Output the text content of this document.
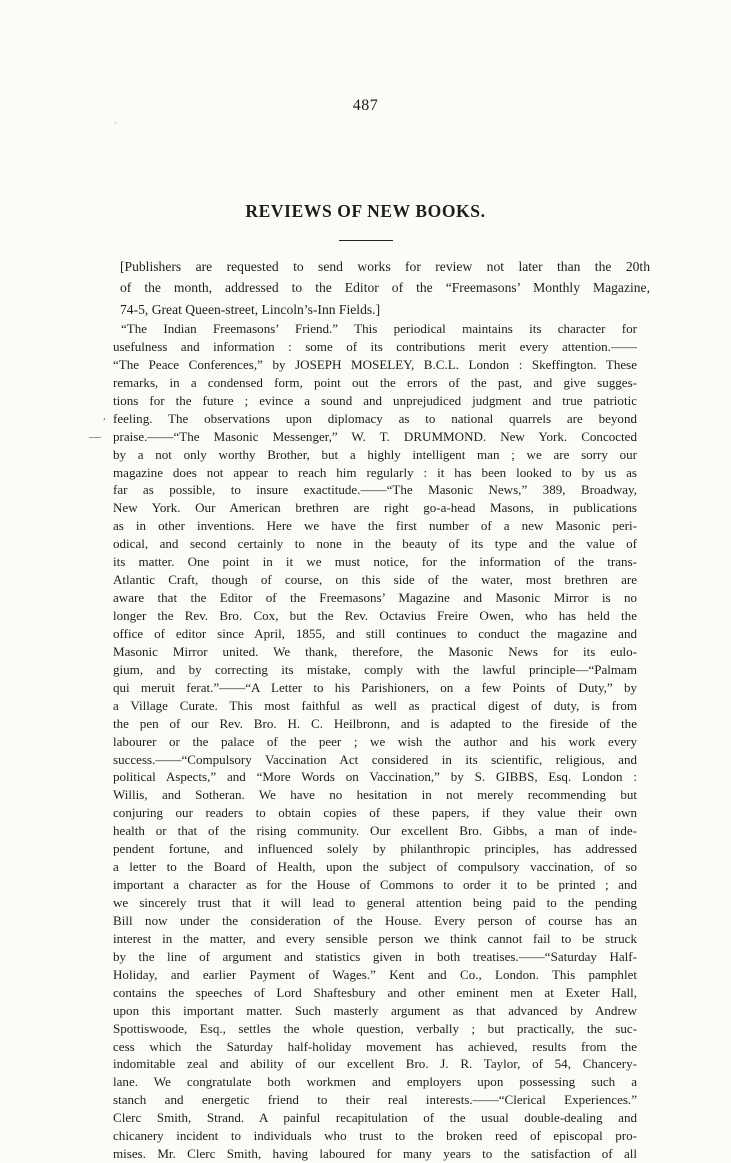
·
487
REVIEWS OF NEW BOOKS.
[Publishers are requested to send works for review not later than the 20th
of the month, addressed to the Editor of the “Freemasons’ Monthly Magazine,
74-5, Great Queen-street, Lincoln’s-Inn Fields.]
,
—
“The Indian Freemasons’ Friend.” This periodical maintains its character for
usefulness and information : some of its contributions merit every attention.——
“The Peace Conferences,” by JOSEPH MOSELEY, B.C.L. London : Skeffington. These
remarks, in a condensed form, point out the errors of the past, and give sugges-
tions for the future ; evince a sound and unprejudiced judgment and true patriotic
feeling. The observations upon diplomacy as to national quarrels are beyond
praise.——“The Masonic Messenger,” W. T. DRUMMOND. New York. Concocted
by a not only worthy Brother, but a highly intelligent man ; we are sorry our
magazine does not appear to reach him regularly : it has been looked to by us as
far as possible, to insure exactitude.——“The Masonic News,” 389, Broadway,
New York. Our American brethren are right go-a-head Masons, in publications
as in other inventions. Here we have the first number of a new Masonic peri-
odical, and second certainly to none in the beauty of its type and the value of
its matter. One point in it we must notice, for the information of the trans-
Atlantic Craft, though of course, on this side of the water, most brethren are
aware that the Editor of the Freemasons’ Magazine and Masonic Mirror is no
longer the Rev. Bro. Cox, but the Rev. Octavius Freire Owen, who has held the
office of editor since April, 1855, and still continues to conduct the magazine and
Masonic Mirror united. We thank, therefore, the Masonic News for its eulo-
gium, and by correcting its mistake, comply with the lawful principle—“Palmam
qui meruit ferat.”——“A Letter to his Parishioners, on a few Points of Duty,” by
a Village Curate. This most faithful as well as practical digest of duty, is from
the pen of our Rev. Bro. H. C. Heilbronn, and is adapted to the fireside of the
labourer or the palace of the peer ; we wish the author and his work every
success.——“Compulsory Vaccination Act considered in its scientific, religious, and
political Aspects,” and “More Words on Vaccination,” by S. GIBBS, Esq. London :
Willis, and Sotheran. We have no hesitation in not merely recommending but
conjuring our readers to obtain copies of these papers, if they value their own
health or that of the rising community. Our excellent Bro. Gibbs, a man of inde-
pendent fortune, and influenced solely by philanthropic principles, has addressed
a letter to the Board of Health, upon the subject of compulsory vaccination, of so
important a character as for the House of Commons to order it to be printed ; and
we sincerely trust that it will lead to general attention being paid to the pending
Bill now under the consideration of the House. Every person of course has an
interest in the matter, and every sensible person we think cannot fail to be struck
by the line of argument and statistics given in both treatises.——“Saturday Half-
Holiday, and earlier Payment of Wages.” Kent and Co., London. This pamphlet
contains the speeches of Lord Shaftesbury and other eminent men at Exeter Hall,
upon this important matter. Such masterly argument as that advanced by Andrew
Spottiswoode, Esq., settles the whole question, verbally ; but practically, the suc-
cess which the Saturday half-holiday movement has achieved, results from the
indomitable zeal and ability of our excellent Bro. J. R. Taylor, of 54, Chancery-
lane. We congratulate both workmen and employers upon possessing such a
stanch and energetic friend to their real interests.——“Clerical Experiences.”
Clerc Smith, Strand. A painful recapitulation of the usual double-dealing and
chicanery incident to individuals who trust to the broken reed of episcopal pro-
mises. Mr. Clerc Smith, having laboured for many years to the satisfaction of all
